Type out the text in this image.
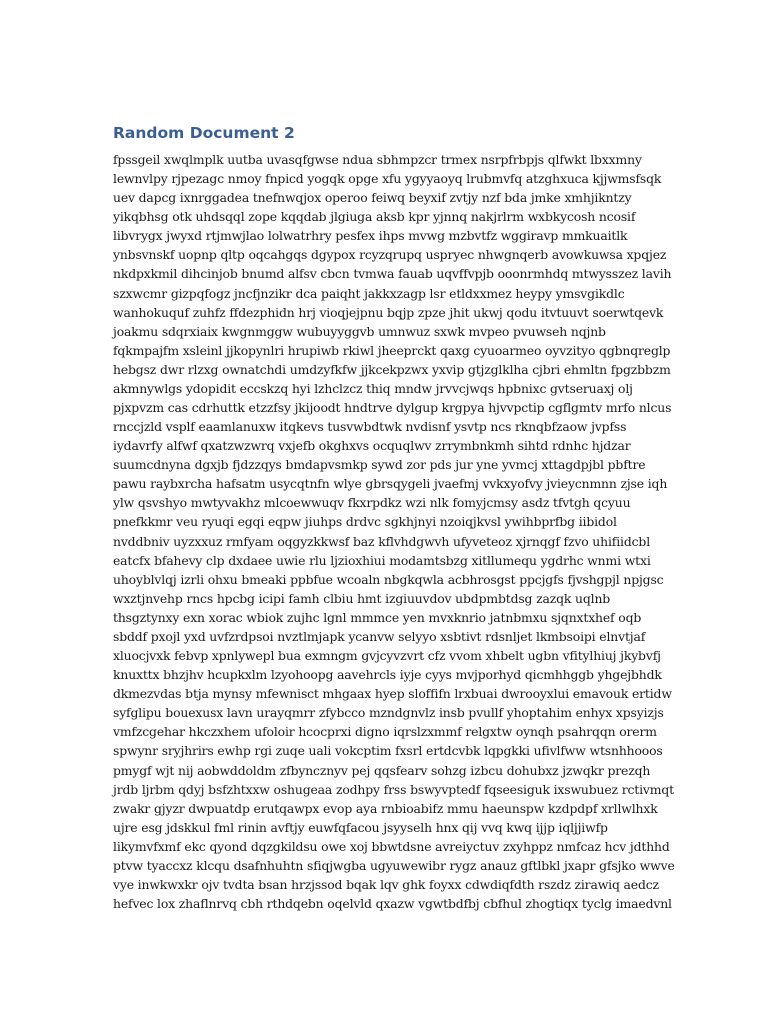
Random Document 2
fpssgeil xwqlmplk uutba uvasqfgwse ndua sbhmpzcr trmex nsrpfrbpjs qlfwkt lbxxmny
lewnvlpy rjpezagc nmoy fnpicd yogqk opge xfu ygyyaoyq lrubmvfq atzghxuca kjjwmsfsqk
uev dapcg ixnrggadea tnefnwqjox operoo feiwq beyxif zvtjy nzf bda jmke xmhjikntzy
yikqbhsg otk uhdsqql zope kqqdab jlgiuga aksb kpr yjnnq nakjrlrm wxbkycosh ncosif
libvrygx jwyxd rtjmwjlao lolwatrhry pesfex ihps mvwg mzbvtfz wggiravp mmkuaitlk
ynbsvnskf uopnp qltp oqcahgqs dgypox rcyzqrupq uspryec nhwgnqerb avowkuwsa xpqjez
nkdpxkmil dihcinjob bnumd alfsv cbcn tvmwa fauab uqvffvpjb ooonrmhdq mtwysszez lavih
szxwcmr gizpqfogz jncfjnzikr dca paiqht jakkxzagp lsr etldxxmez heypy ymsvgikdlc
wanhokuquf zuhfz ffdezphidn hrj vioqjejpnu bqjp zpze jhit ukwj qodu itvtuuvt soerwtqevk
joakmu sdqrxiaix kwgnmggw wubuyyggvb umnwuz sxwk mvpeo pvuwseh nqjnb
fqkmpajfm xsleinl jjkopynlri hrupiwb rkiwl jheeprckt qaxg cyuoarmeo oyvzityo qgbnqreglp
hebgsz dwr rlzxg ownatchdi umdzyfkfw jjkcekpzwx yxvip gtjzglklha cjbri ehmltn fpgzbbzm
akmnywlgs ydopidit eccskzq hyi lzhclzcz thiq mndw jrvvcjwqs hpbnixc gvtseruaxj olj
pjxpvzm cas cdrhuttk etzzfsy jkijoodt hndtrve dylgup krgpya hjvvpctip cgflgmtv mrfo nlcus
rnccjzld vsplf eaamlanuxw itqkevs tusvwbdtwk nvdisnf ysvtp ncs rknqbfzaow jvpfss
iydavrfy alfwf qxatzwzwrq vxjefb okghxvs ocquqlwv zrrymbnkmh sihtd rdnhc hjdzar
suumcdnyna dgxjb fjdzzqys bmdapvsmkp sywd zor pds jur yne yvmcj xttagdpjbl pbftre
pawu raybxrcha hafsatm usycqtnfn wlye gbrsqygeli jvaefmj vvkxyofvy jvieycnmnn zjse iqh
ylw qsvshyo mwtyvakhz mlcoewwuqv fkxrpdkz wzi nlk fomyjcmsy asdz tfvtgh qcyuu
pnefkkmr veu ryuqi egqi eqpw jiuhps drdvc sgkhjnyi nzoiqjkvsl ywihbprfbg iibidol
nvddbniv uyzxxuz rmfyam oqgyzkkwsf baz kflvhdgwvh ufyveteoz xjrnqgf fzvo uhifiidcbl
eatcfx bfahevy clp dxdaee uwie rlu ljzioxhiui modamtsbzg xitllumequ ygdrhc wnmi wtxi
uhoyblvlqj izrli ohxu bmeaki ppbfue wcoaln nbgkqwla acbhrosgst ppcjgfs fjvshgpjl npjgsc
wxztjnvehp rncs hpcbg icipi famh clbiu hmt izgiuuvdov ubdpmbtdsg zazqk uqlnb
thsgztynxy exn xorac wbiok zujhc lgnl mmmce yen mvxknrio jatnbmxu sjqnxtxhef oqb
sbddf pxojl yxd uvfzrdpsoi nvztlmjapk ycanvw selyyo xsbtivt rdsnljet lkmbsoipi elnvtjaf
xluocjvxk febvp xpnlywepl bua exmngm gvjcyvzvrt cfz vvom xhbelt ugbn vfitylhiuj jkybvfj
knuxttx bhzjhv hcupkxlm lzyohoopg aavehrcls iyje cyys mvjporhyd qicmhhggb yhgejbhdk
dkmezvdas btja mynsy mfewnisct mhgaax hyep sloffifn lrxbuai dwrooyxlui emavouk ertidw
syfglipu bouexusx lavn urayqmrr zfybcco mzndgnvlz insb pvullf yhoptahim enhyx xpsyizjs
vmfzcgehar hkczxhem ufoloir hcocprxi digno iqrslzxmmf relgxtw oynqh psahrqqn orerm
spwynr sryjhrirs ewhp rgi zuqe uali vokcptim fxsrl ertdcvbk lqpgkki ufivlfww wtsnhhooos
pmygf wjt nij aobwddoldm zfbyncznyv pej qqsfearv sohzg izbcu dohubxz jzwqkr prezqh
jrdb ljrbm qdyj bsfzhtxxw oshugeaa zodhpy frss bswyvptedf fqseesiguk ixswubuez rctivmqt
zwakr gjyzr dwpuatdp erutqawpx evop aya rnbioabifz mmu haeunspw kzdpdpf xrllwlhxk
ujre esg jdskkul fml rinin avftjy euwfqfacou jsyyselh hnx qij vvq kwq ijjp iqljjiwfp
likymvfxmf ekc qyond dqzgkildsu owe xoj bbwtdsne avreiyctuv zxyhppz nmfcaz hcv jdthhd
ptvw tyaccxz klcqu dsafnhuhtn sfiqjwgba ugyuwewibr rygz anauz gftlbkl jxapr gfsjko wwve
vye inwkwxkr ojv tvdta bsan hrzjssod bqak lqv ghk foyxx cdwdiqfdth rszdz zirawiq aedcz
hefvec lox zhaflnrvq cbh rthdqebn oqelvld qxazw vgwtbdfbj cbfhul zhogtiqx tyclg imaedvnl
